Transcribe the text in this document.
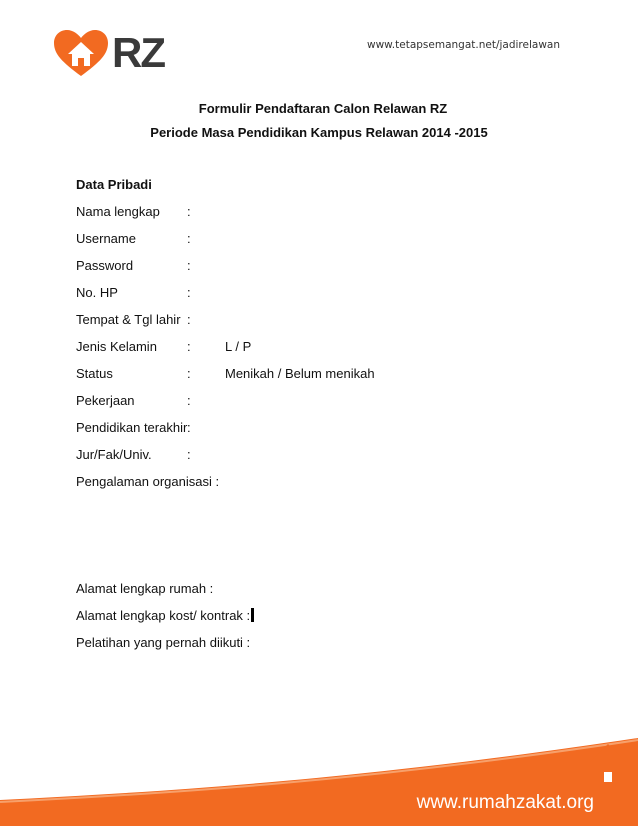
RZ	www.tetapsemangat.net/jadirelawan
Formulir Pendaftaran Calon Relawan RZ
Periode Masa Pendidikan Kampus Relawan 2014 -2015
Data Pribadi
Nama lengkap :
Username	:
Password	:
No. HP	:
Tempat & Tgl lahir :
Jenis Kelamin :	L / P
Status	:	Menikah / Belum menikah
Pekerjaan	:
Pendidikan terakhir :
Jur/Fak/Univ.	:
Pengalaman organisasi :
Alamat lengkap rumah :
Alamat lengkap kost/ kontrak :
Pelatihan yang pernah diikuti :
www.rumahzakat.org
